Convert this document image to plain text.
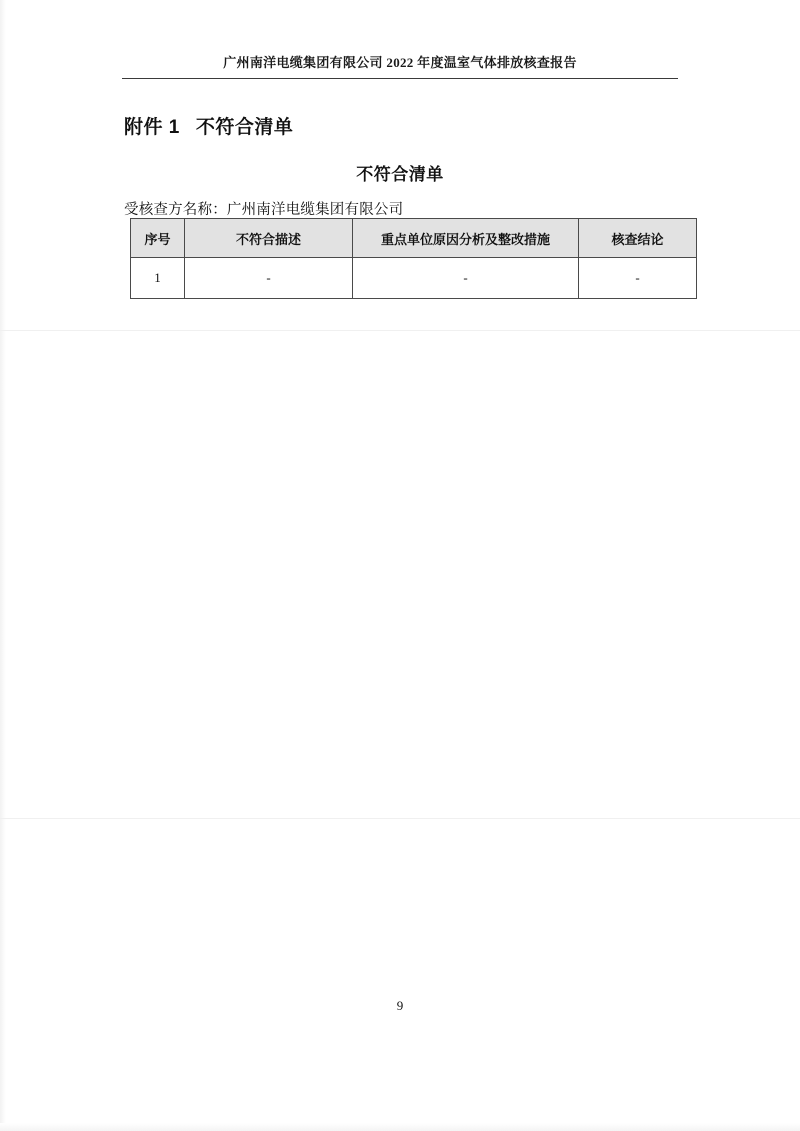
广州南洋电缆集团有限公司 2022 年度温室气体排放核查报告
附件 1 不符合清单
不符合清单
受核查方名称：广州南洋电缆集团有限公司
序号	不符合描述	重点单位原因分析及整改措施	核查结论
1	-	-	-
9
